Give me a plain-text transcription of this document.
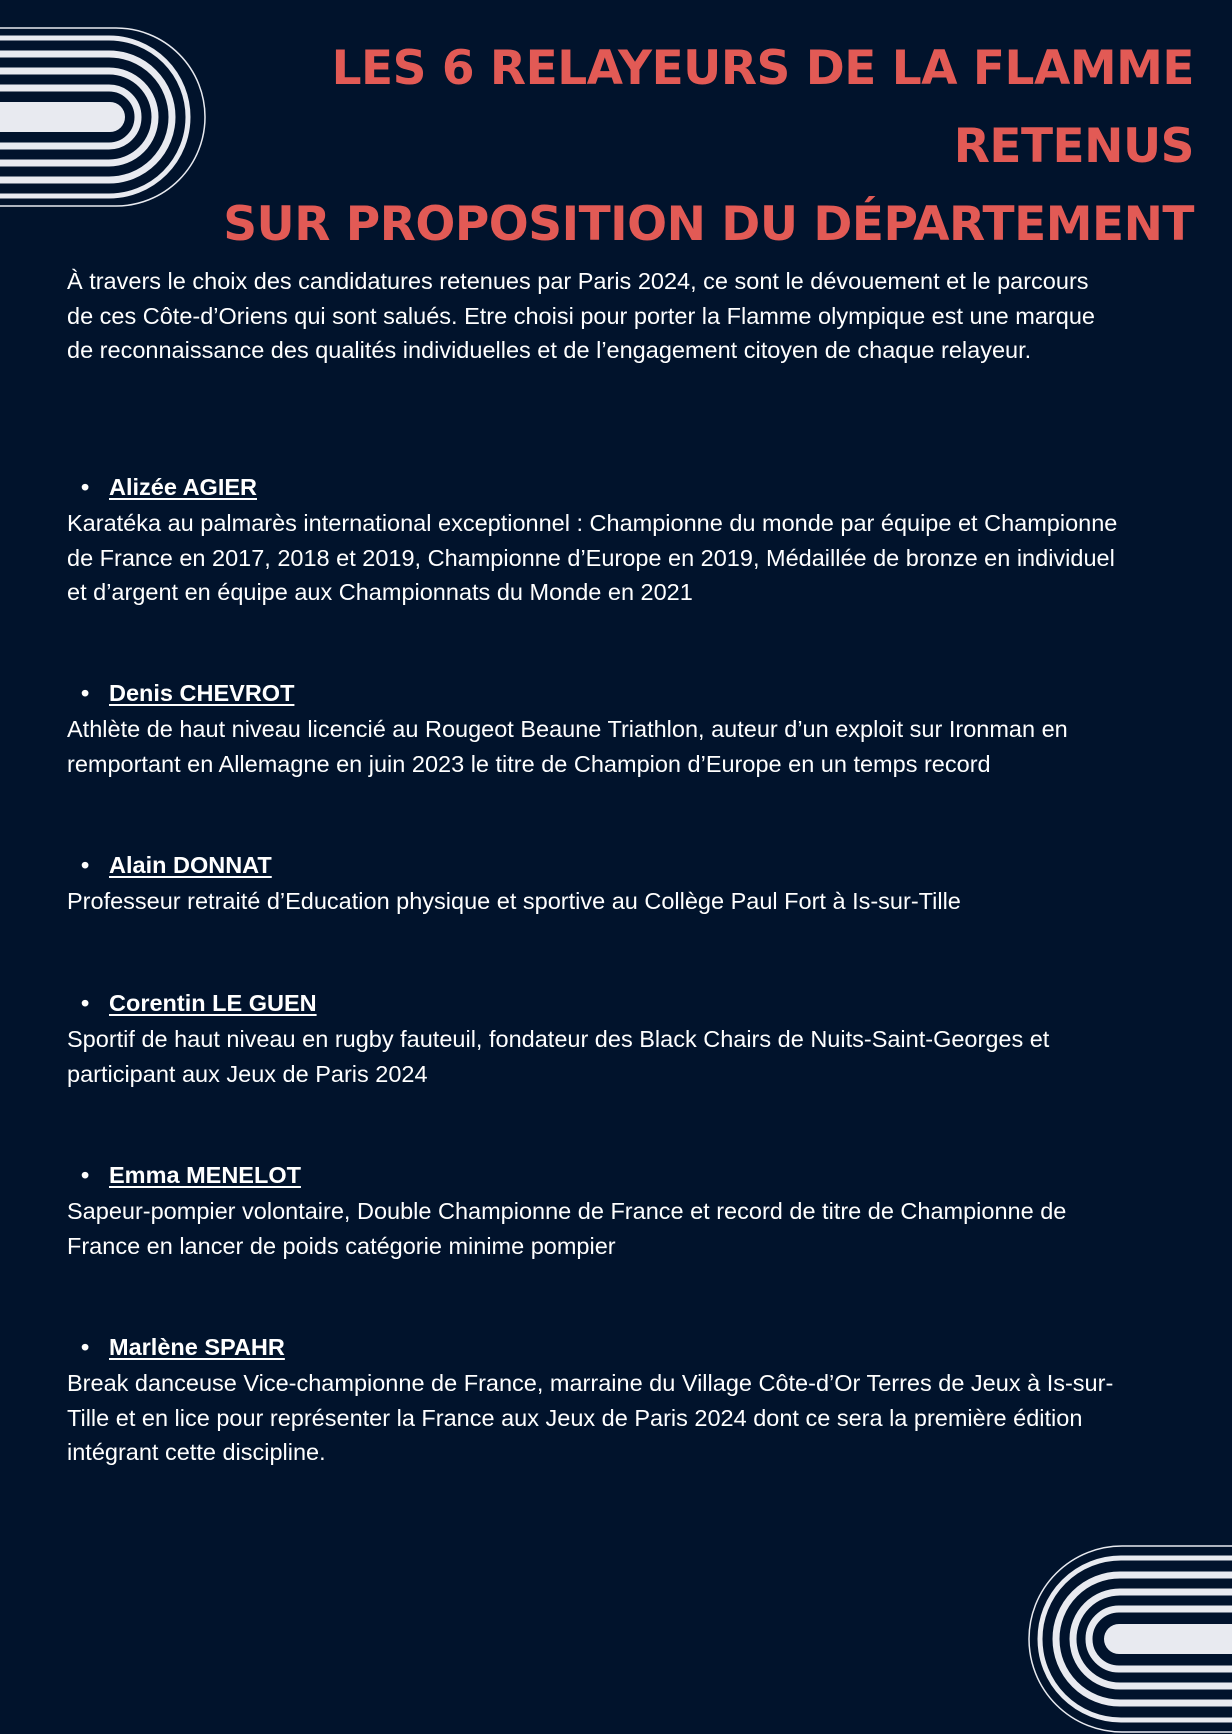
LES 6 RELAYEURS DE LA FLAMME RETENUS
SUR PROPOSITION DU DÉPARTEMENT

À travers le choix des candidatures retenues par Paris 2024, ce sont le dévouement et le parcours de ces Côte-d’Oriens qui sont salués. Etre choisi pour porter la Flamme olympique est une marque de reconnaissance des qualités individuelles et de l’engagement citoyen de chaque relayeur.

• Alizée AGIER

Karatéka au palmarès international exceptionnel : Championne du monde par équipe et Championne de France en 2017, 2018 et 2019, Championne d’Europe en 2019, Médaillée de bronze en individuel et d’argent en équipe aux Championnats du Monde en 2021

• Denis CHEVROT

Athlète de haut niveau licencié au Rougeot Beaune Triathlon, auteur d’un exploit sur Ironman en remportant en Allemagne en juin 2023 le titre de Champion d’Europe en un temps record

• Alain DONNAT

Professeur retraité d’Education physique et sportive au Collège Paul Fort à Is-sur-Tille

• Corentin LE GUEN

Sportif de haut niveau en rugby fauteuil, fondateur des Black Chairs de Nuits-Saint-Georges et participant aux Jeux de Paris 2024

• Emma MENELOT

Sapeur-pompier volontaire, Double Championne de France et record de titre de Championne de France en lancer de poids catégorie minime pompier

• Marlène SPAHR

Break danceuse Vice-championne de France, marraine du Village Côte-d’Or Terres de Jeux à Is-sur-Tille et en lice pour représenter la France aux Jeux de Paris 2024 dont ce sera la première édition intégrant cette discipline.
